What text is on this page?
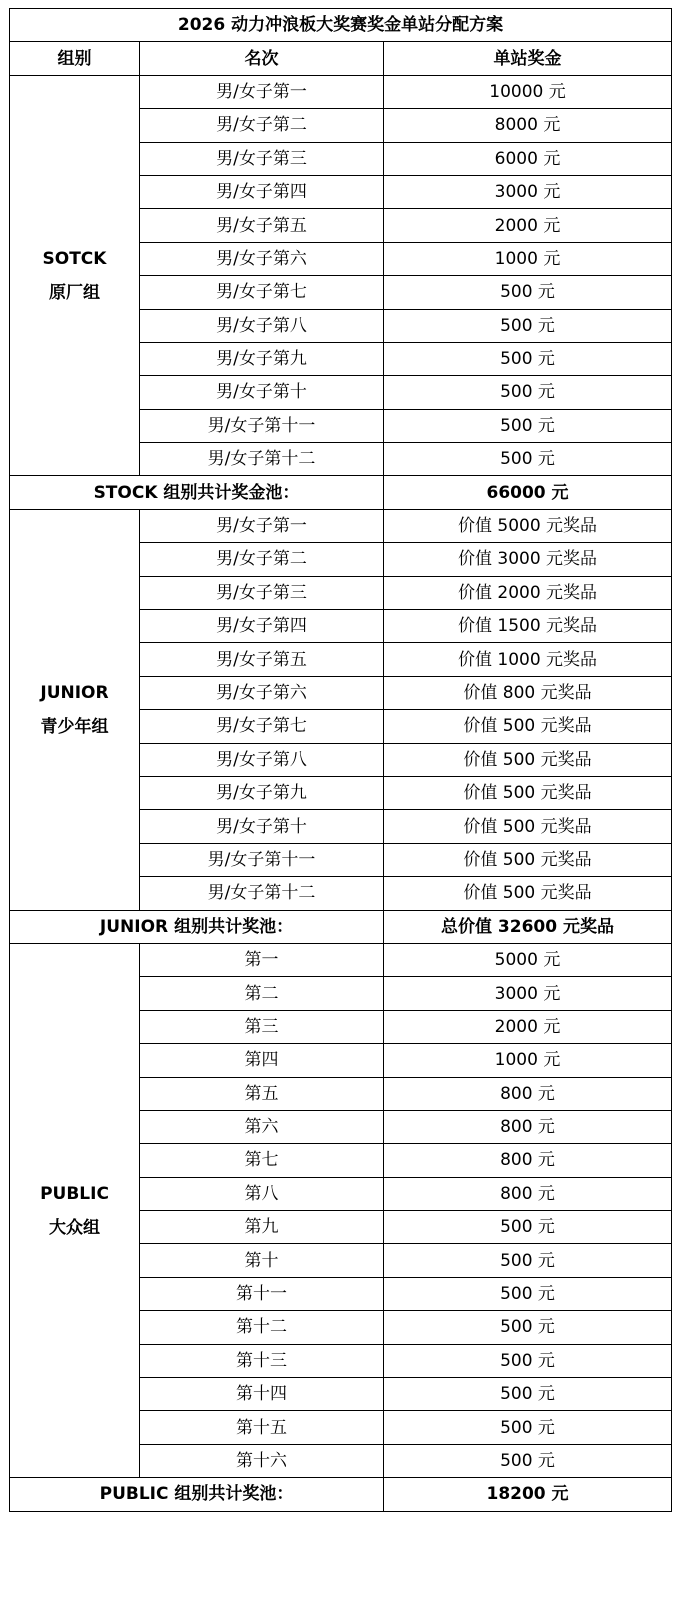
2026 动力冲浪板大奖赛奖金单站分配方案		
组别	名次	单站奖金

SOTCK
原厂组	男/女子第一	10000 元
	男/女子第二	8000 元
	男/女子第三	6000 元
	男/女子第四	3000 元
	男/女子第五	2000 元
	男/女子第六	1000 元
	男/女子第七	500 元
	男/女子第八	500 元
	男/女子第九	500 元
	男/女子第十	500 元
	男/女子第十一	500 元
	男/女子第十二	500 元
STOCK 组别共计奖金池：		66000 元

JUNIOR
青少年组	男/女子第一	价值 5000 元奖品
	男/女子第二	价值 3000 元奖品
	男/女子第三	价值 2000 元奖品
	男/女子第四	价值 1500 元奖品
	男/女子第五	价值 1000 元奖品
	男/女子第六	价值 800 元奖品
	男/女子第七	价值 500 元奖品
	男/女子第八	价值 500 元奖品
	男/女子第九	价值 500 元奖品
	男/女子第十	价值 500 元奖品
	男/女子第十一	价值 500 元奖品
	男/女子第十二	价值 500 元奖品
JUNIOR 组别共计奖池：		总价值 32600 元奖品

PUBLIC
大众组	第一	5000 元
	第二	3000 元
	第三	2000 元
	第四	1000 元
	第五	800 元
	第六	800 元
	第七	800 元
	第八	800 元
	第九	500 元
	第十	500 元
	第十一	500 元
	第十二	500 元
	第十三	500 元
	第十四	500 元
	第十五	500 元
	第十六	500 元
PUBLIC 组别共计奖池：		18200 元
